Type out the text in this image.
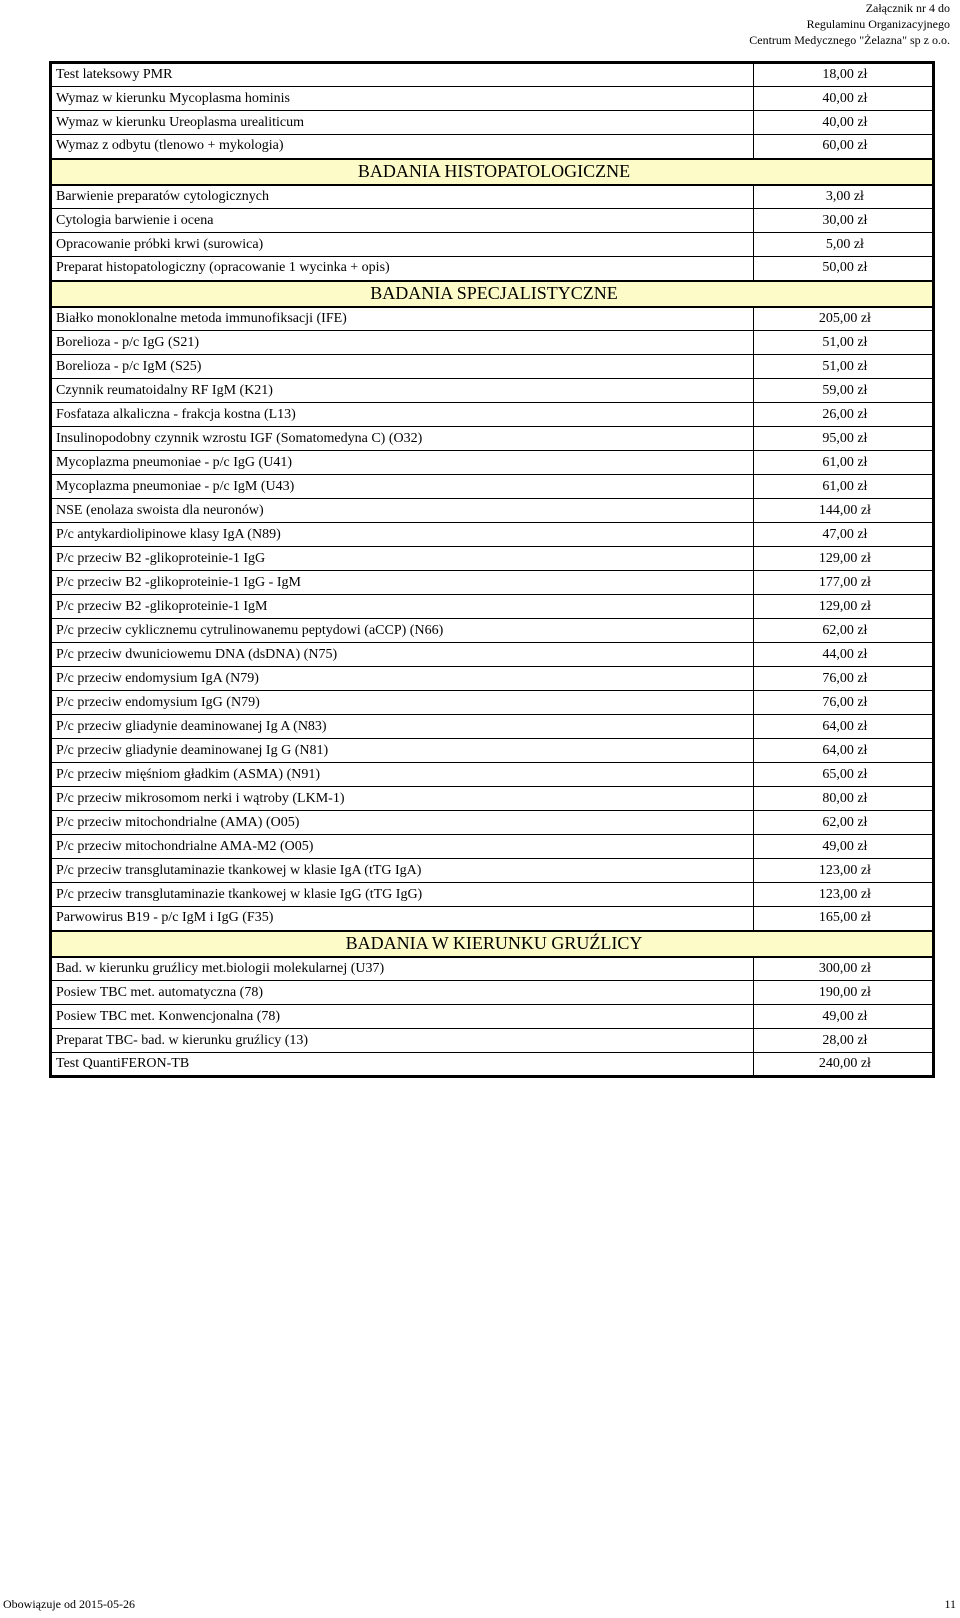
Załącznik nr 4 do
Regulaminu Organizacyjnego
Centrum Medycznego "Żelazna" sp z o.o.
Test lateksowy PMR	18,00 zł
Wymaz w kierunku Mycoplasma hominis	40,00 zł
Wymaz w kierunku Ureoplasma urealiticum	40,00 zł
Wymaz z odbytu (tlenowo + mykologia)	60,00 zł
BADANIA HISTOPATOLOGICZNE	
Barwienie preparatów cytologicznych	3,00 zł
Cytologia barwienie i ocena	30,00 zł
Opracowanie próbki krwi (surowica)	5,00 zł
Preparat histopatologiczny (opracowanie 1 wycinka + opis)	50,00 zł
BADANIA SPECJALISTYCZNE	
Białko monoklonalne metoda immunofiksacji (IFE)	205,00 zł
Borelioza - p/c IgG (S21)	51,00 zł
Borelioza - p/c IgM (S25)	51,00 zł
Czynnik reumatoidalny RF IgM (K21)	59,00 zł
Fosfataza alkaliczna - frakcja kostna (L13)	26,00 zł
Insulinopodobny czynnik wzrostu IGF (Somatomedyna C) (O32)	95,00 zł
Mycoplazma pneumoniae - p/c IgG (U41)	61,00 zł
Mycoplazma pneumoniae - p/c IgM (U43)	61,00 zł
NSE (enolaza swoista dla neuronów)	144,00 zł
P/c antykardiolipinowe klasy IgA (N89)	47,00 zł
P/c przeciw B2 -glikoproteinie-1 IgG	129,00 zł
P/c przeciw B2 -glikoproteinie-1 IgG - IgM	177,00 zł
P/c przeciw B2 -glikoproteinie-1 IgM	129,00 zł
P/c przeciw cyklicznemu cytrulinowanemu peptydowi (aCCP) (N66)	62,00 zł
P/c przeciw dwuniciowemu DNA (dsDNA) (N75)	44,00 zł
P/c przeciw endomysium IgA (N79)	76,00 zł
P/c przeciw endomysium IgG (N79)	76,00 zł
P/c przeciw gliadynie deaminowanej Ig A (N83)	64,00 zł
P/c przeciw gliadynie deaminowanej Ig G (N81)	64,00 zł
P/c przeciw mięśniom gładkim (ASMA) (N91)	65,00 zł
P/c przeciw mikrosomom nerki i wątroby (LKM-1)	80,00 zł
P/c przeciw mitochondrialne (AMA) (O05)	62,00 zł
P/c przeciw mitochondrialne AMA-M2 (O05)	49,00 zł
P/c przeciw transglutaminazie tkankowej w klasie IgA (tTG IgA)	123,00 zł
P/c przeciw transglutaminazie tkankowej w klasie IgG (tTG IgG)	123,00 zł
Parwowirus B19 - p/c IgM i IgG (F35)	165,00 zł
BADANIA W KIERUNKU GRUŹLICY	
Bad. w kierunku gruźlicy met.biologii molekularnej (U37)	300,00 zł
Posiew TBC met. automatyczna (78)	190,00 zł
Posiew TBC met. Konwencjonalna (78)	49,00 zł
Preparat TBC- bad. w kierunku gruźlicy (13)	28,00 zł
Test QuantiFERON-TB	240,00 zł
Obowiązuje od 2015-05-26	11
